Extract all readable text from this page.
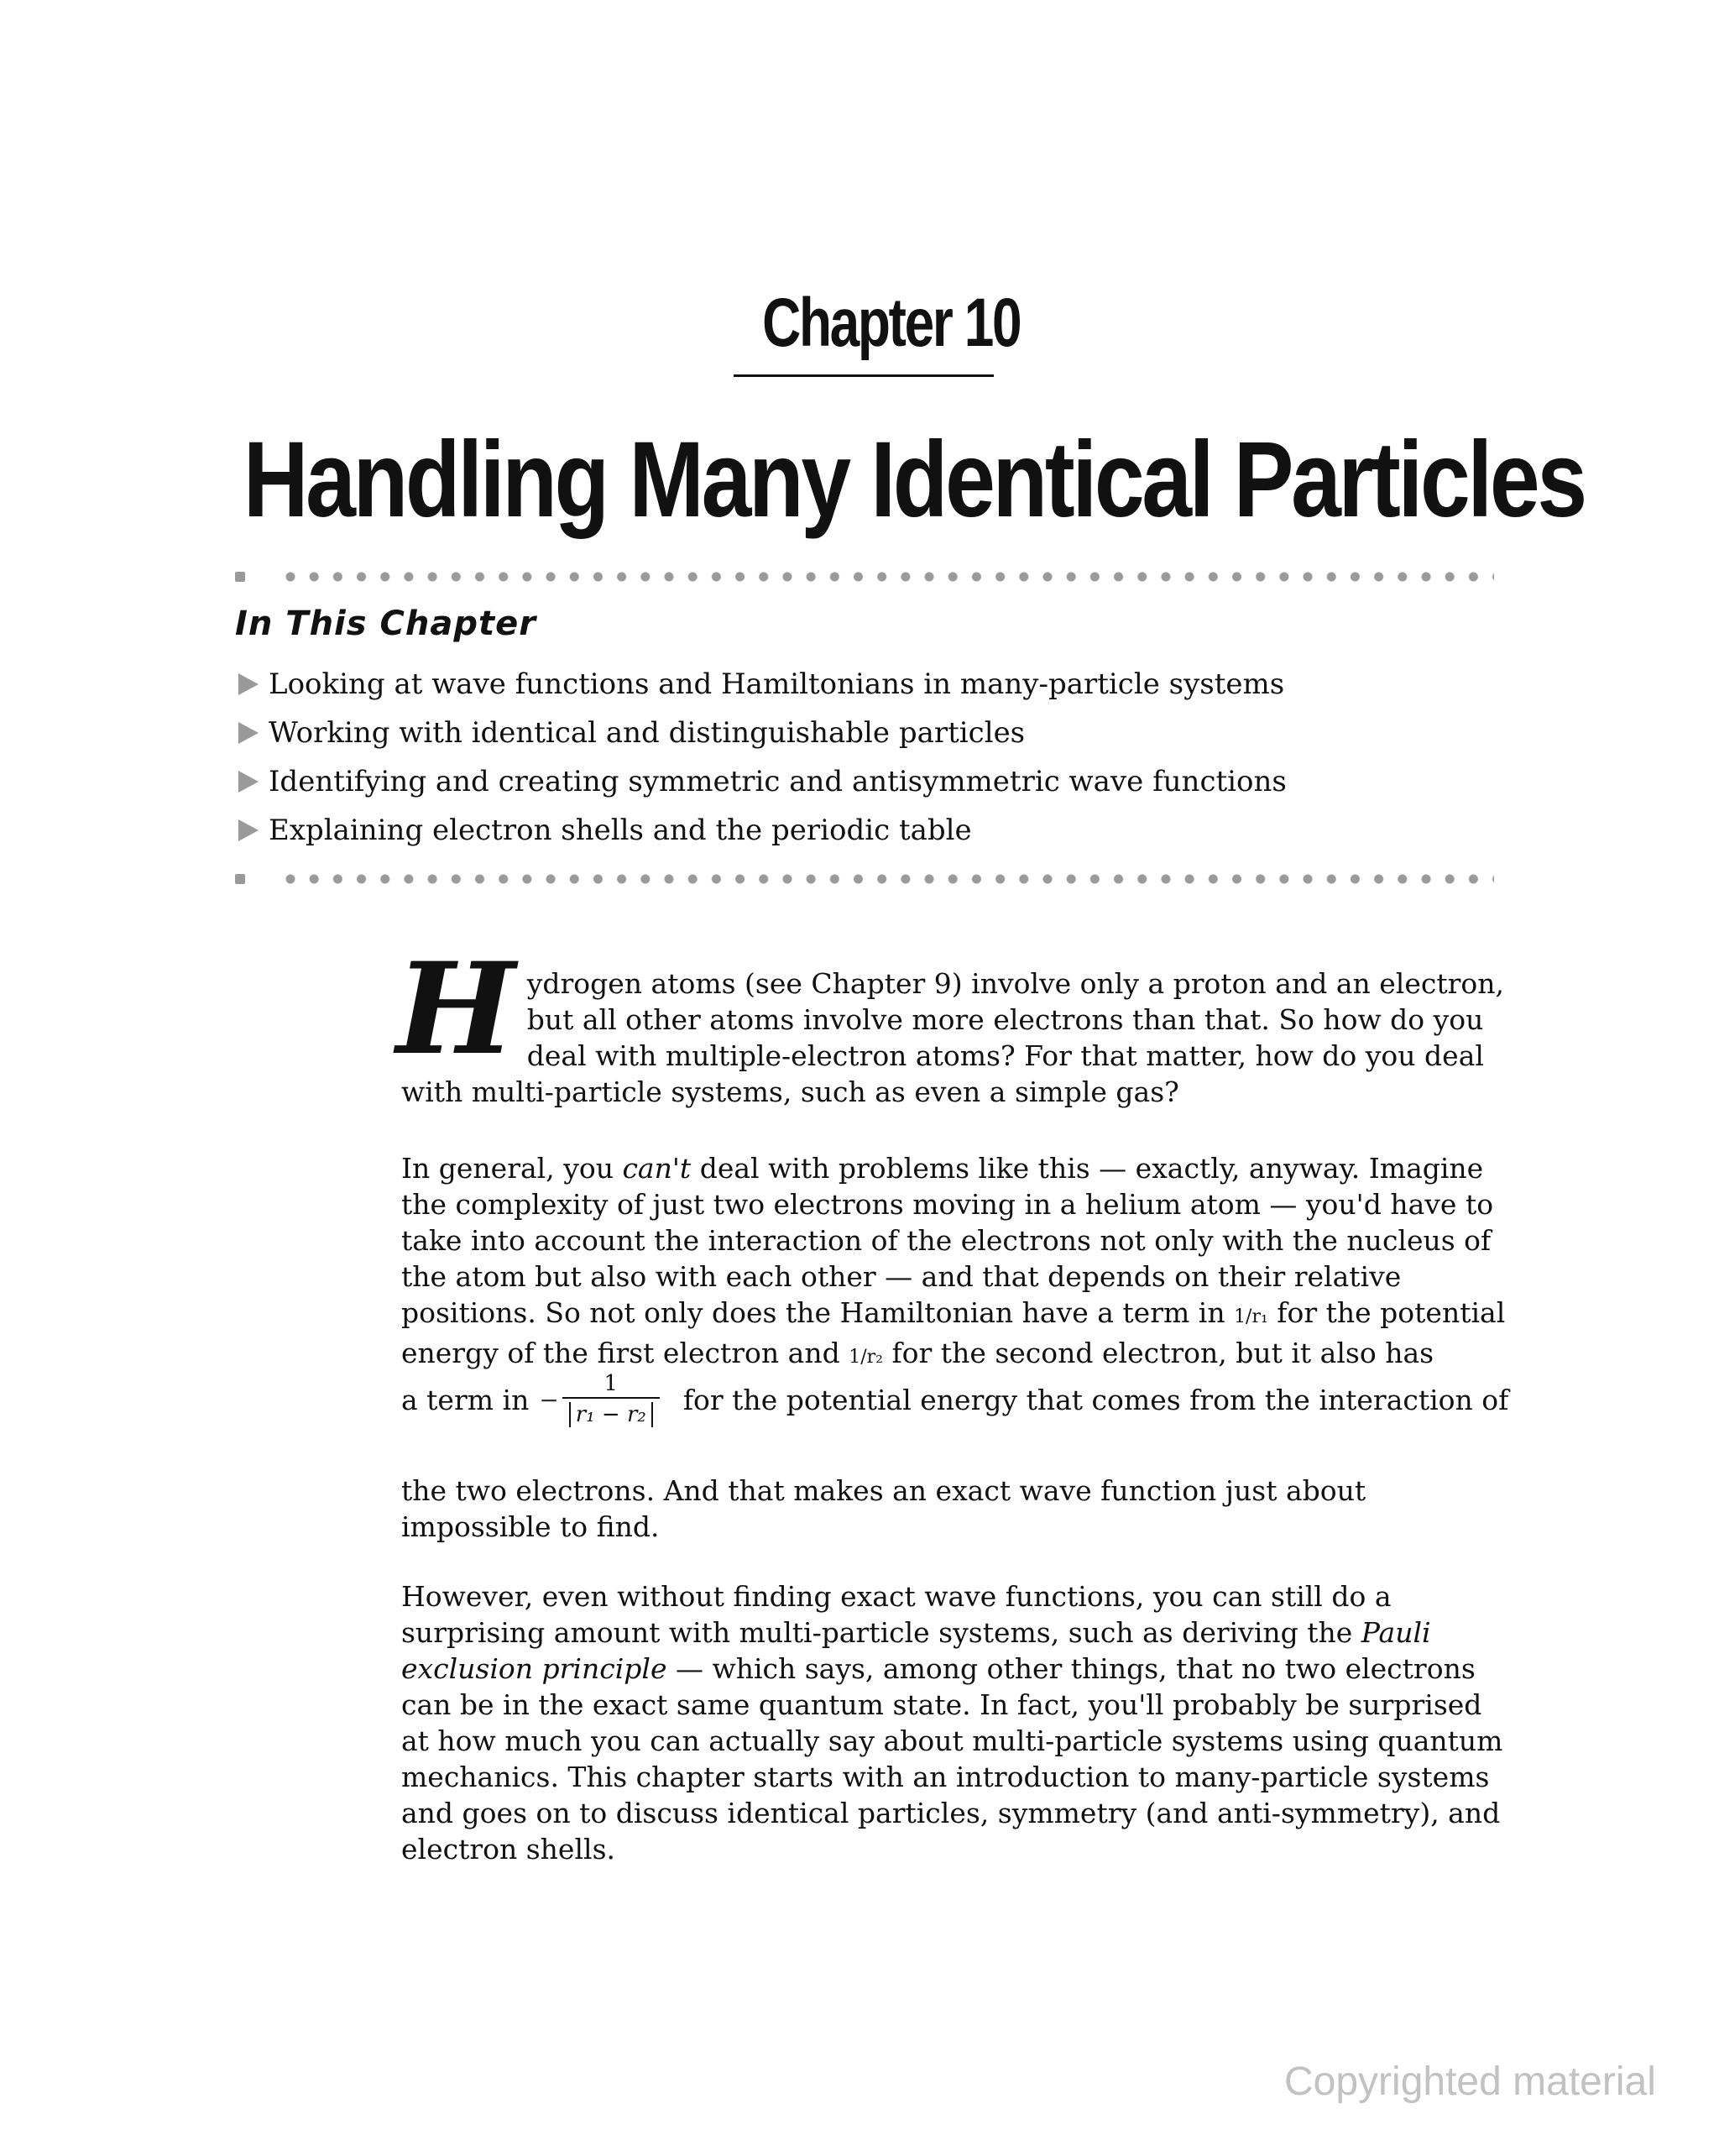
Chapter 10
Handling Many Identical Particles
In This Chapter
Looking at wave functions and Hamiltonians in many-particle systems
Working with identical and distinguishable particles
Identifying and creating symmetric and antisymmetric wave functions
Explaining electron shells and the periodic table
H ydrogen atoms (see Chapter 9) involve only a proton and an electron, but all other atoms involve more electrons than that. So how do you deal with multiple-electron atoms? For that matter, how do you deal with multi-particle systems, such as even a simple gas?
In general, you can't deal with problems like this — exactly, anyway. Imagine the complexity of just two electrons moving in a helium atom — you'd have to take into account the interaction of the electrons not only with the nucleus of the atom but also with each other — and that depends on their relative positions. So not only does the Hamiltonian have a term in 1/r₁ for the potential energy of the first electron and 1/r₂ for the second electron, but it also has
a term in − $\frac{1}{\text{r₁ − r₂}}$ for the potential energy that comes from the interaction of
the two electrons. And that makes an exact wave function just about impossible to find.
However, even without finding exact wave functions, you can still do a surprising amount with multi-particle systems, such as deriving the Pauli exclusion principle — which says, among other things, that no two electrons can be in the exact same quantum state. In fact, you'll probably be surprised at how much you can actually say about multi-particle systems using quantum mechanics. This chapter starts with an introduction to many-particle systems and goes on to discuss identical particles, symmetry (and anti-symmetry), and electron shells.
Copyrighted material
